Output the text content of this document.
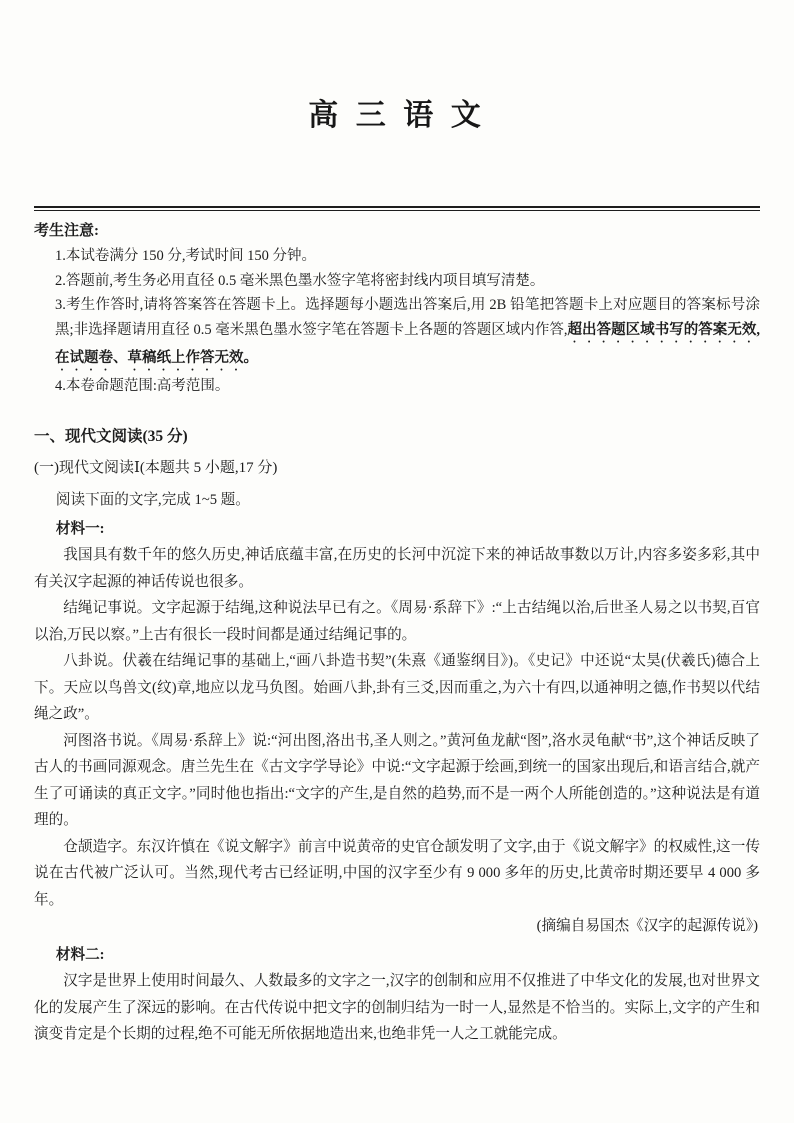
高 三 语 文
考生注意:
1.本试卷满分 150 分,考试时间 150 分钟。
2.答题前,考生务必用直径 0.5 毫米黑色墨水签字笔将密封线内项目填写清楚。
3.考生作答时,请将答案答在答题卡上。选择题每小题选出答案后,用 2B 铅笔把答题卡上对应题目的答案标号涂黑;非选择题请用直径 0.5 毫米黑色墨水签字笔在答题卡上各题的答题区域内作答,超出答题区域书写的答案无效,在试题卷、草稿纸上作答无效。
4.本卷命题范围:高考范围。
一、现代文阅读(35 分)
(一)现代文阅读Ⅰ(本题共 5 小题,17 分)
阅读下面的文字,完成 1~5 题。
材料一:

我国具有数千年的悠久历史,神话底蕴丰富,在历史的长河中沉淀下来的神话故事数以万计,内容多姿多彩,其中有关汉字起源的神话传说也很多。

结绳记事说。文字起源于结绳,这种说法早已有之。《周易·系辞下》:“上古结绳以治,后世圣人易之以书契,百官以治,万民以察。”上古有很长一段时间都是通过结绳记事的。

八卦说。伏羲在结绳记事的基础上,“画八卦造书契”(朱熹《通鉴纲目》)。《史记》中还说“太昊(伏羲氏)德合上下。天应以鸟兽文(纹)章,地应以龙马负图。始画八卦,卦有三爻,因而重之,为六十有四,以通神明之德,作书契以代结绳之政”。

河图洛书说。《周易·系辞上》说:“河出图,洛出书,圣人则之。”黄河鱼龙献“图”,洛水灵龟献“书”,这个神话反映了古人的书画同源观念。唐兰先生在《古文字学导论》中说:“文字起源于绘画,到统一的国家出现后,和语言结合,就产生了可诵读的真正文字。”同时他也指出:“文字的产生,是自然的趋势,而不是一两个人所能创造的。”这种说法是有道理的。

仓颉造字。东汉许慎在《说文解字》前言中说黄帝的史官仓颉发明了文字,由于《说文解字》的权威性,这一传说在古代被广泛认可。当然,现代考古已经证明,中国的汉字至少有 9 000 多年的历史,比黄帝时期还要早 4 000 多年。

(摘编自易国杰《汉字的起源传说》)
材料二:

汉字是世界上使用时间最久、人数最多的文字之一,汉字的创制和应用不仅推进了中华文化的发展,也对世界文化的发展产生了深远的影响。在古代传说中把文字的创制归结为一时一人,显然是不恰当的。实际上,文字的产生和演变肯定是个长期的过程,绝不可能无所依据地造出来,也绝非凭一人之工就能完成。
